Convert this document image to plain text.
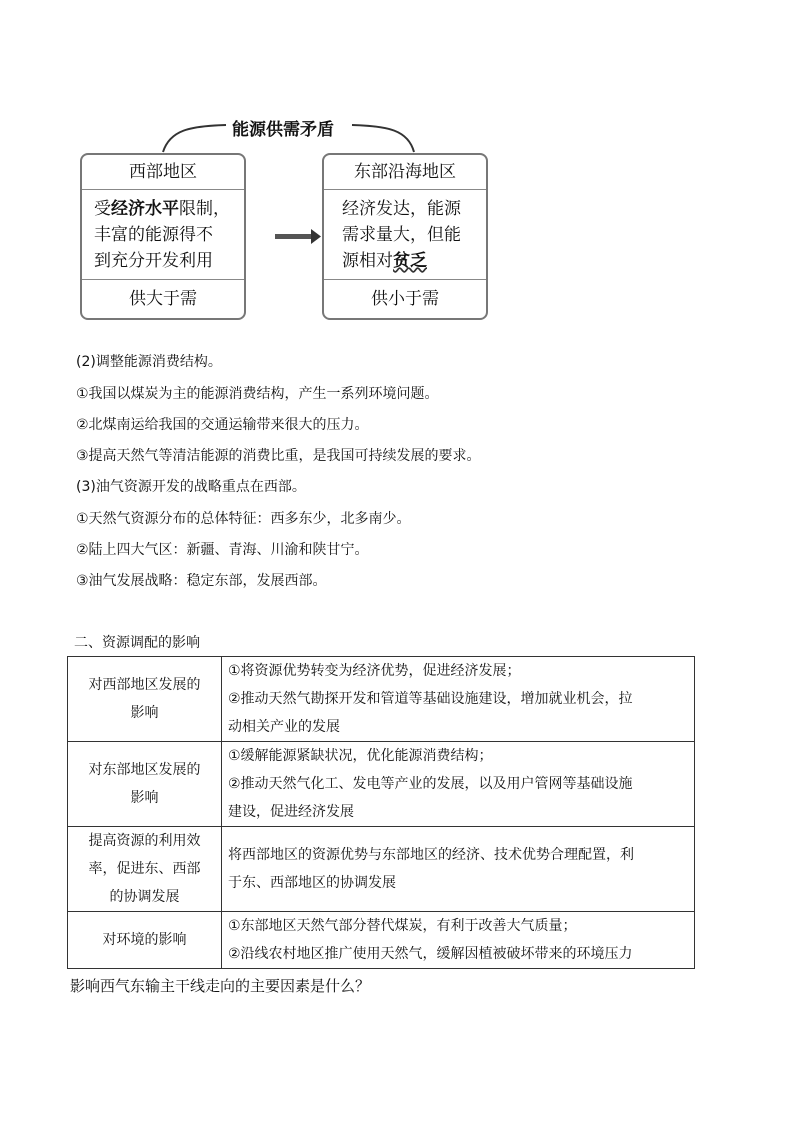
能源供需矛盾
西部地区
受经济水平限制，
丰富的能源得不
到充分开发利用
供大于需
东部沿海地区
经济发达，能源
需求量大，但能
源相对贫乏
供小于需
(2)调整能源消费结构。
①我国以煤炭为主的能源消费结构，产生一系列环境问题。
②北煤南运给我国的交通运输带来很大的压力。
③提高天然气等清洁能源的消费比重，是我国可持续发展的要求。
(3)油气资源开发的战略重点在西部。
①天然气资源分布的总体特征：西多东少，北多南少。
②陆上四大气区：新疆、青海、川渝和陕甘宁。
③油气发展战略：稳定东部，发展西部。
二、资源调配的影响
对西部地区发展的
影响	①将资源优势转变为经济优势，促进经济发展；
②推动天然气勘探开发和管道等基础设施建设，增加就业机会，拉
动相关产业的发展

对东部地区发展的
影响	①缓解能源紧缺状况，优化能源消费结构；
②推动天然气化工、发电等产业的发展，以及用户管网等基础设施
建设，促进经济发展

提高资源的利用效
率，促进东、西部
的协调发展	将西部地区的资源优势与东部地区的经济、技术优势合理配置，利
于东、西部地区的协调发展

对环境的影响	①东部地区天然气部分替代煤炭，有利于改善大气质量；
②沿线农村地区推广使用天然气，缓解因植被破坏带来的环境压力
影响西气东输主干线走向的主要因素是什么？
